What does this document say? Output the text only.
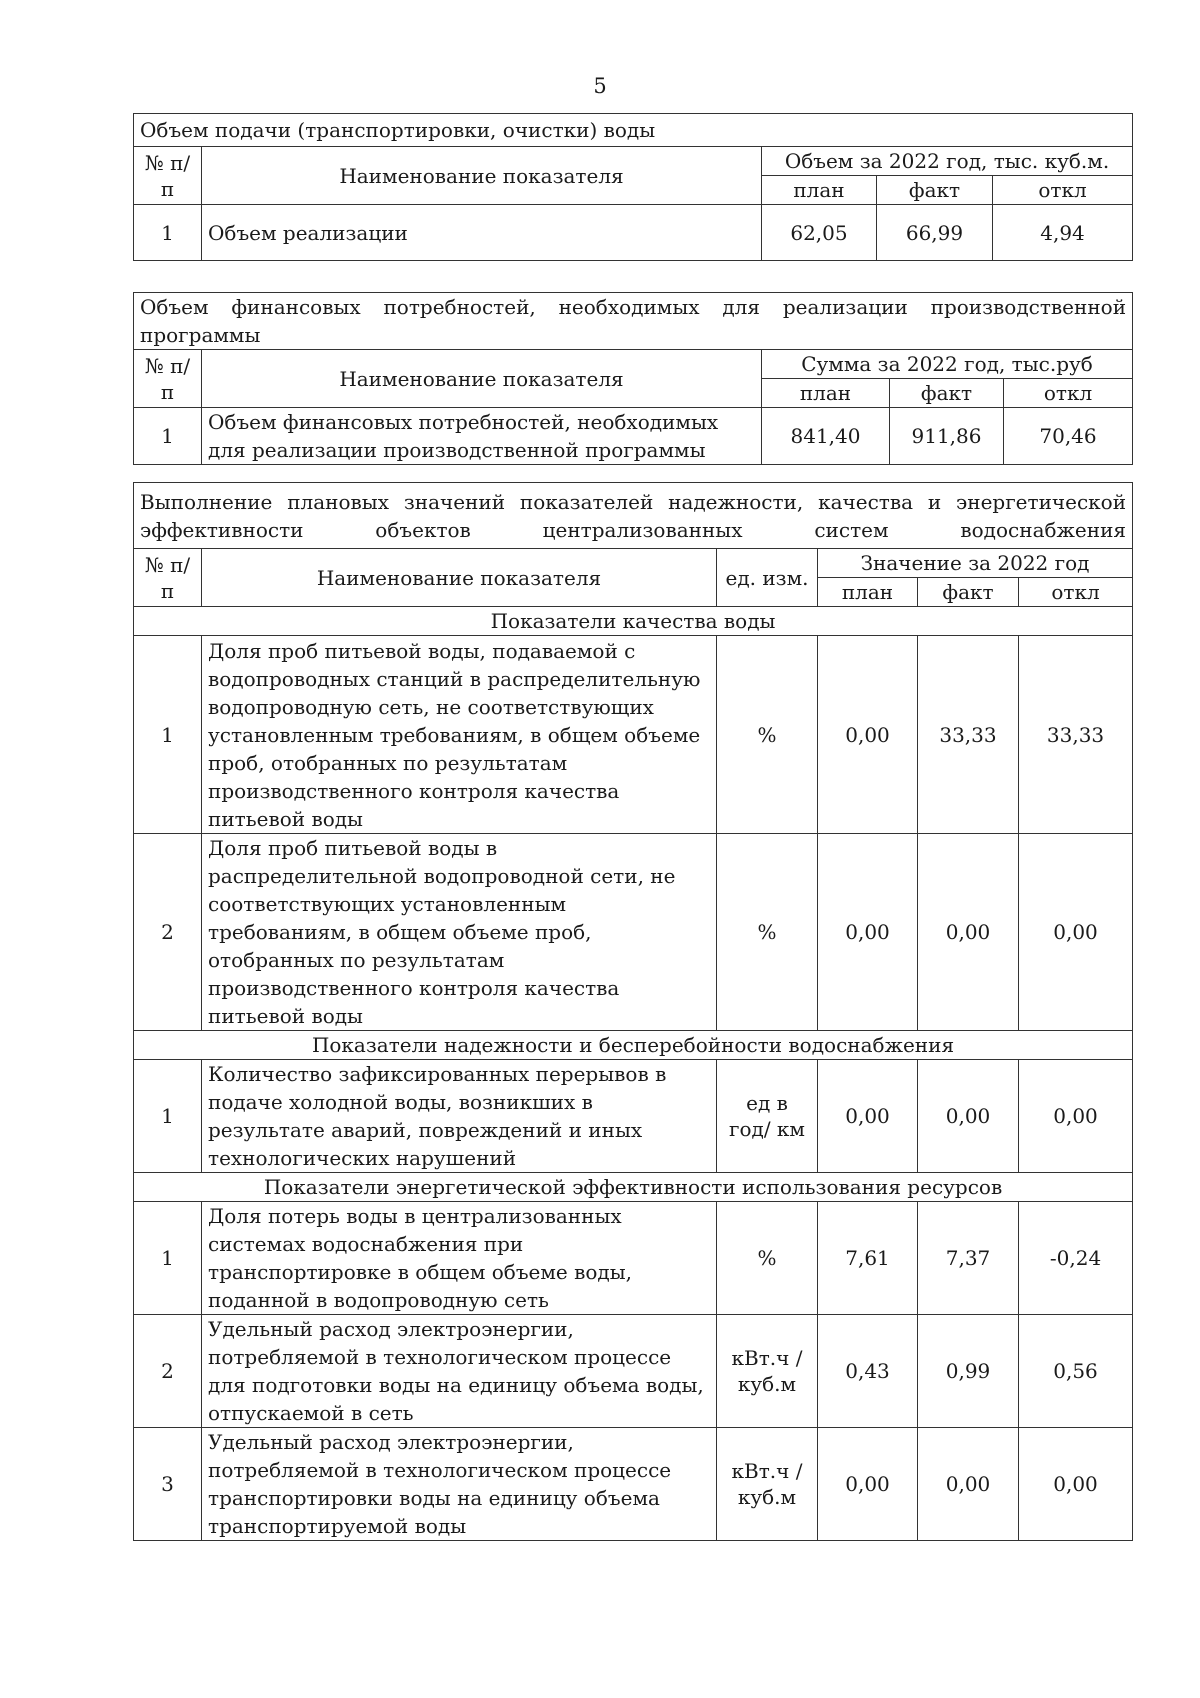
5
Объем подачи (транспортировки, очистки) воды				
№ п/п	Наименование показателя	Объем за 2022 год, тыс. куб.м.		
		план	факт	откл
1	Объем реализации	62,05	66,99	4,94
Объем финансовых потребностей, необходимых для реализации производственной программы				

№ п/п	Наименование показателя	Сумма за 2022 год, тыс.руб		
		план	факт	откл
1	Объем финансовых потребностей, необходимых для реализации производственной программы	841,40	911,86	70,46
Выполнение плановых значений показателей надежности, качества и энергетической эффективности объектов централизованных систем водоснабжения					

№ п/п	Наименование показателя	ед. изм.	Значение за 2022 год		
			план	факт	откл
Показатели качества воды					
1	Доля проб питьевой воды, подаваемой с водопроводных станций в распределительную водопроводную сеть, не соответствующих установленным требованиям, в общем объеме проб, отобранных по результатам производственного контроля качества питьевой воды	%	0,00	33,33	33,33
2	Доля проб питьевой воды в распределительной водопроводной сети, не соответствующих установленным требованиям, в общем объеме проб, отобранных по результатам производственного контроля качества питьевой воды	%	0,00	0,00	0,00
Показатели надежности и бесперебойности водоснабжения					
1	Количество зафиксированных перерывов в подаче холодной воды, возникших в результате аварий, повреждений и иных технологических нарушений	ед в год/ км	0,00	0,00	0,00
Показатели энергетической эффективности использования ресурсов					
1	Доля потерь воды в централизованных системах водоснабжения при транспортировке в общем объеме воды, поданной в водопроводную сеть	%	7,61	7,37	-0,24
2	Удельный расход электроэнергии, потребляемой в технологическом процессе для подготовки воды на единицу объема воды, отпускаемой в сеть	кВт.ч / куб.м	0,43	0,99	0,56
3	Удельный расход электроэнергии, потребляемой в технологическом процессе транспортировки воды на единицу объема транспортируемой воды	кВт.ч / куб.м	0,00	0,00	0,00
